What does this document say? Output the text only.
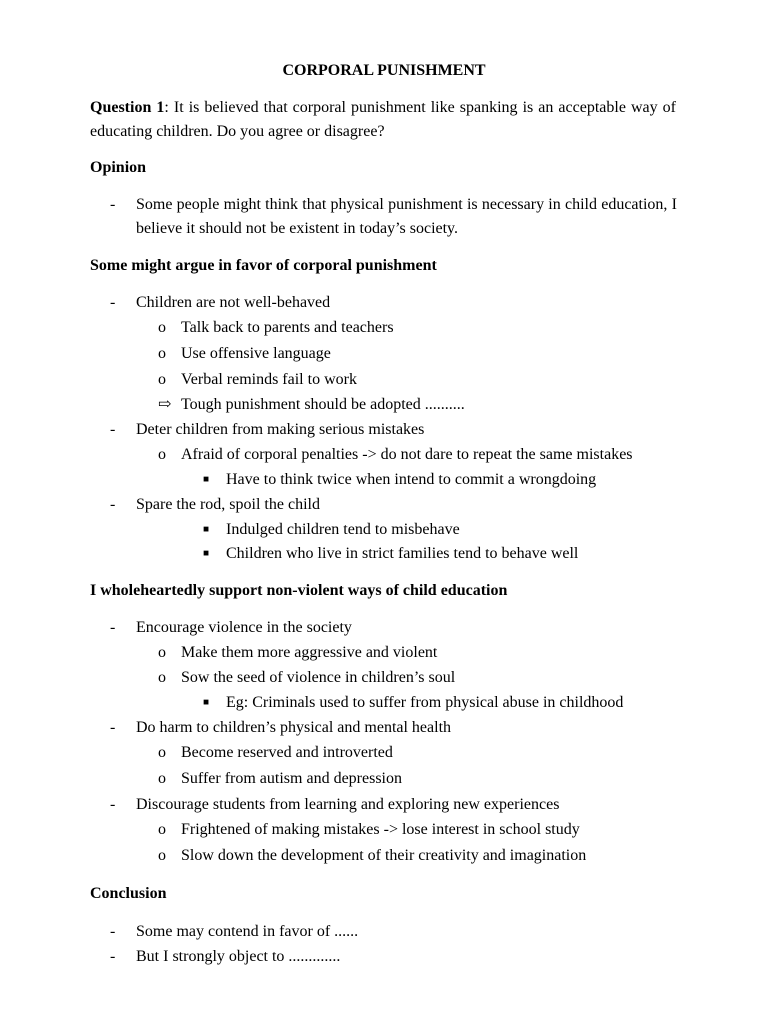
CORPORAL PUNISHMENT
Question 1: It is believed that corporal punishment like spanking is an acceptable way of educating children. Do you agree or disagree?
Opinion
- Some people might think that physical punishment is necessary in child education, I believe it should not be existent in today’s society.
Some might argue in favor of corporal punishment
- Children are not well-behaved
o Talk back to parents and teachers
o Use offensive language
o Verbal reminds fail to work
⇨ Tough punishment should be adopted ..........
- Deter children from making serious mistakes
o Afraid of corporal penalties -> do not dare to repeat the same mistakes
■ Have to think twice when intend to commit a wrongdoing
- Spare the rod, spoil the child
■ Indulged children tend to misbehave
■ Children who live in strict families tend to behave well
I wholeheartedly support non-violent ways of child education
- Encourage violence in the society
o Make them more aggressive and violent
o Sow the seed of violence in children’s soul
■ Eg: Criminals used to suffer from physical abuse in childhood
- Do harm to children’s physical and mental health
o Become reserved and introverted
o Suffer from autism and depression
- Discourage students from learning and exploring new experiences
o Frightened of making mistakes -> lose interest in school study
o Slow down the development of their creativity and imagination
Conclusion
- Some may contend in favor of ......
- But I strongly object to .............
